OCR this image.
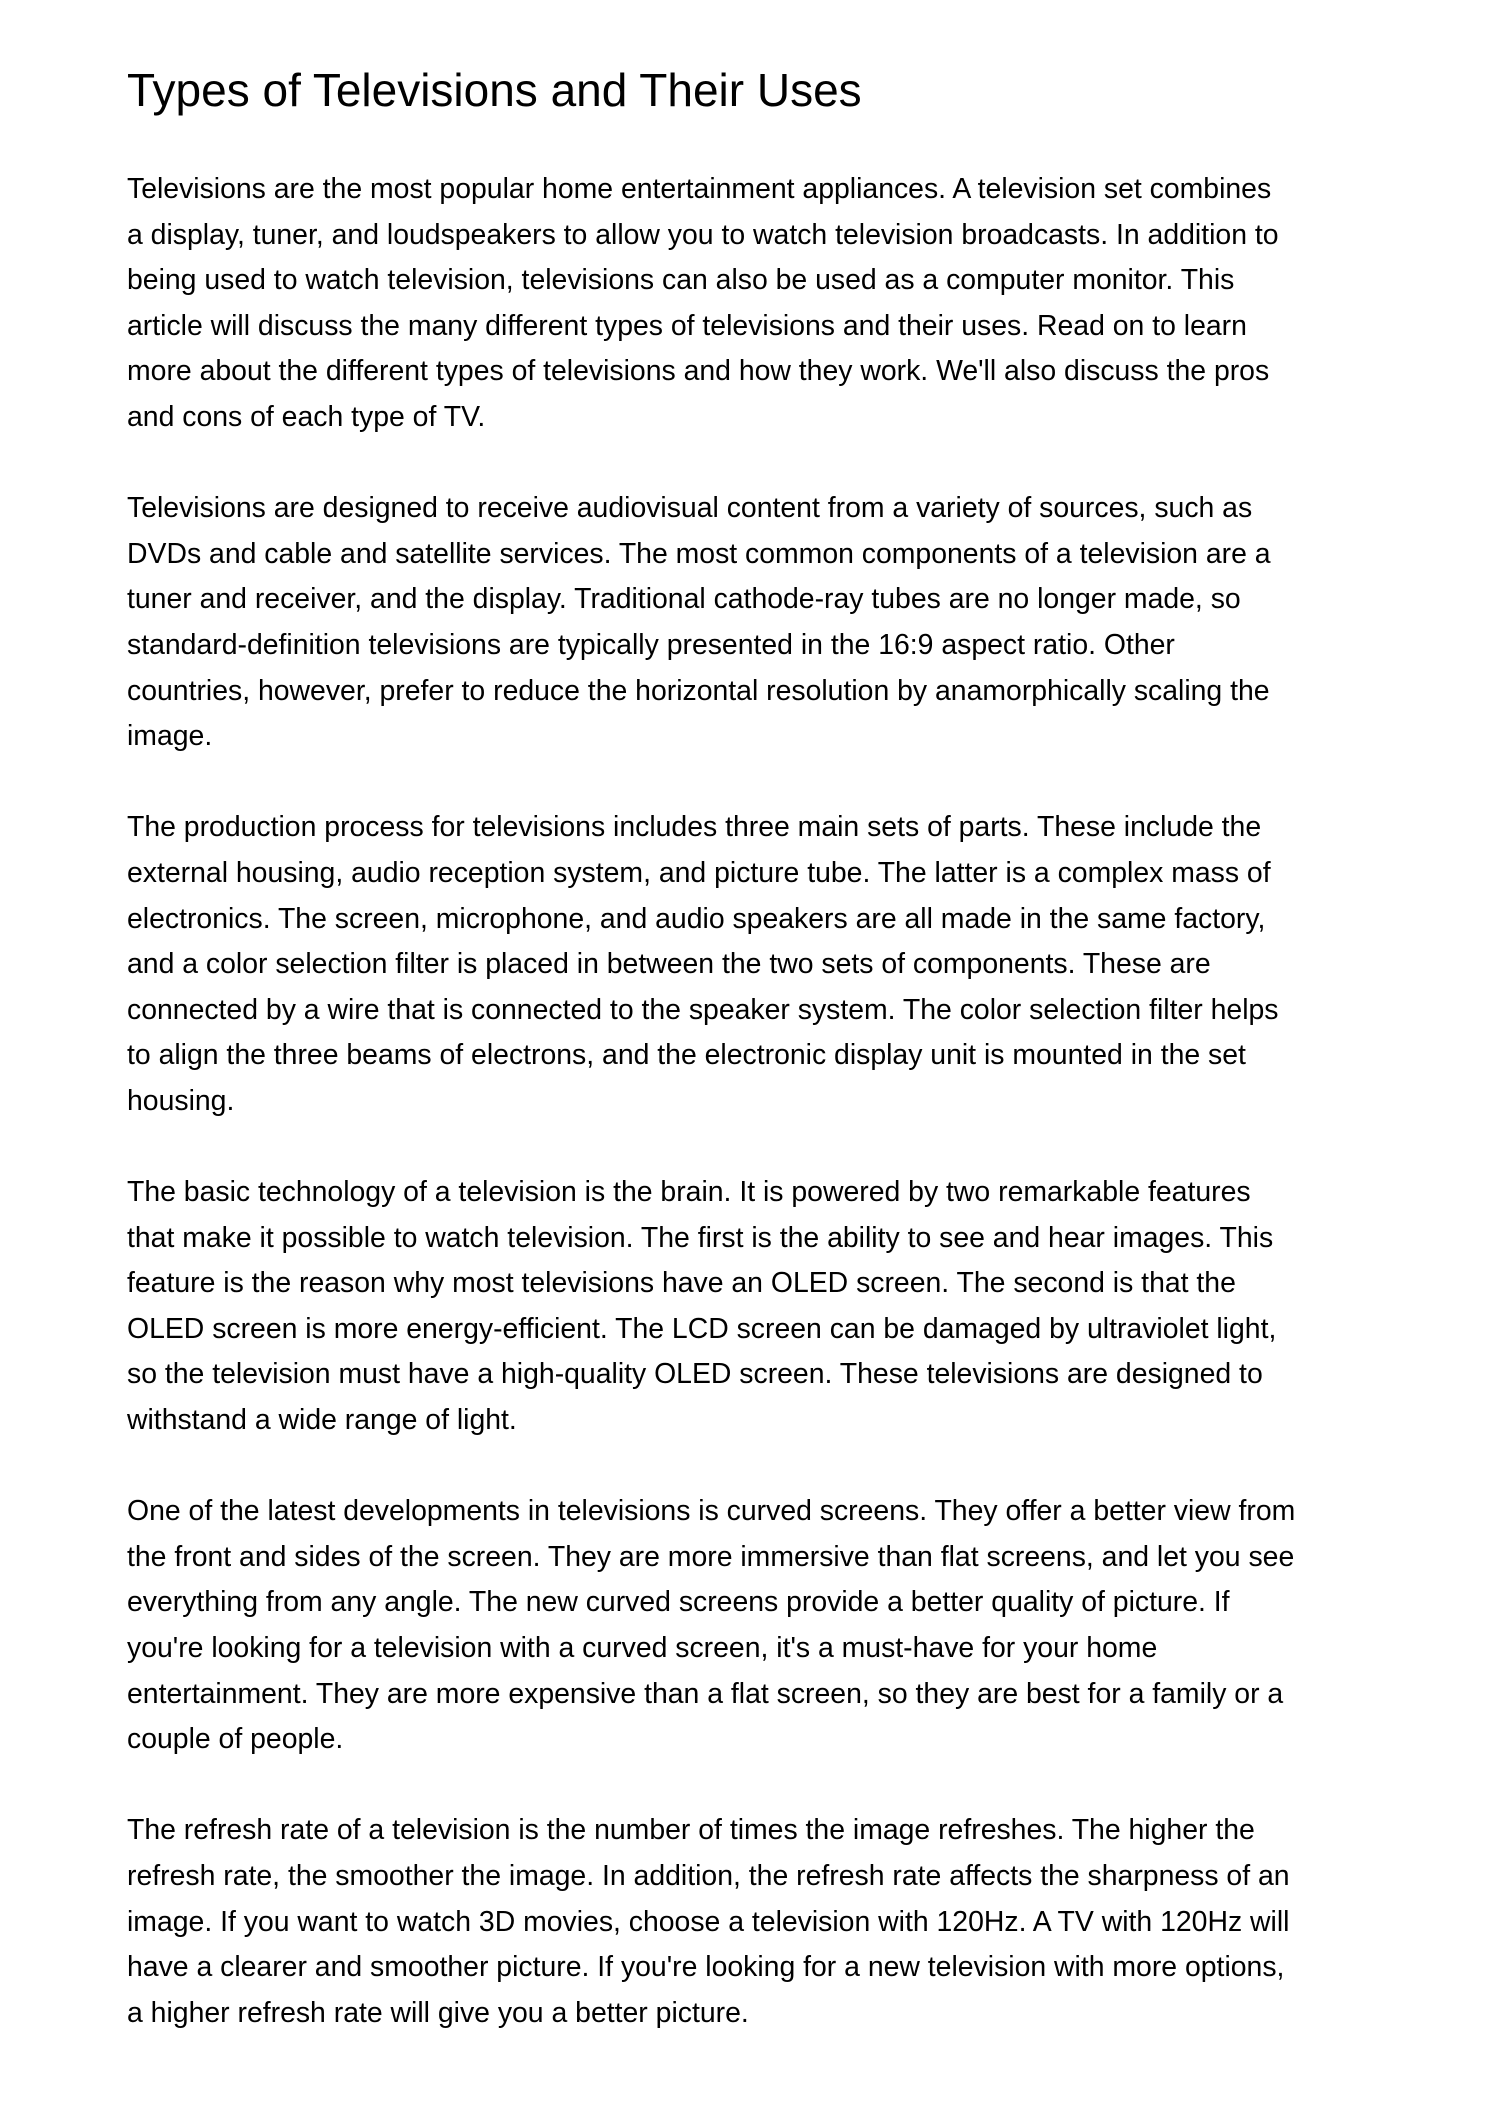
Types of Televisions and Their Uses

Televisions are the most popular home entertainment appliances. A television set combines
a display, tuner, and loudspeakers to allow you to watch television broadcasts. In addition to
being used to watch television, televisions can also be used as a computer monitor. This
article will discuss the many different types of televisions and their uses. Read on to learn
more about the different types of televisions and how they work. We'll also discuss the pros
and cons of each type of TV.

Televisions are designed to receive audiovisual content from a variety of sources, such as
DVDs and cable and satellite services. The most common components of a television are a
tuner and receiver, and the display. Traditional cathode-ray tubes are no longer made, so
standard-definition televisions are typically presented in the 16:9 aspect ratio. Other
countries, however, prefer to reduce the horizontal resolution by anamorphically scaling the
image.

The production process for televisions includes three main sets of parts. These include the
external housing, audio reception system, and picture tube. The latter is a complex mass of
electronics. The screen, microphone, and audio speakers are all made in the same factory,
and a color selection filter is placed in between the two sets of components. These are
connected by a wire that is connected to the speaker system. The color selection filter helps
to align the three beams of electrons, and the electronic display unit is mounted in the set
housing.

The basic technology of a television is the brain. It is powered by two remarkable features
that make it possible to watch television. The first is the ability to see and hear images. This
feature is the reason why most televisions have an OLED screen. The second is that the
OLED screen is more energy-efficient. The LCD screen can be damaged by ultraviolet light,
so the television must have a high-quality OLED screen. These televisions are designed to
withstand a wide range of light.

One of the latest developments in televisions is curved screens. They offer a better view from
the front and sides of the screen. They are more immersive than flat screens, and let you see
everything from any angle. The new curved screens provide a better quality of picture. If
you're looking for a television with a curved screen, it's a must-have for your home
entertainment. They are more expensive than a flat screen, so they are best for a family or a
couple of people.

The refresh rate of a television is the number of times the image refreshes. The higher the
refresh rate, the smoother the image. In addition, the refresh rate affects the sharpness of an
image. If you want to watch 3D movies, choose a television with 120Hz. A TV with 120Hz will
have a clearer and smoother picture. If you're looking for a new television with more options,
a higher refresh rate will give you a better picture.
